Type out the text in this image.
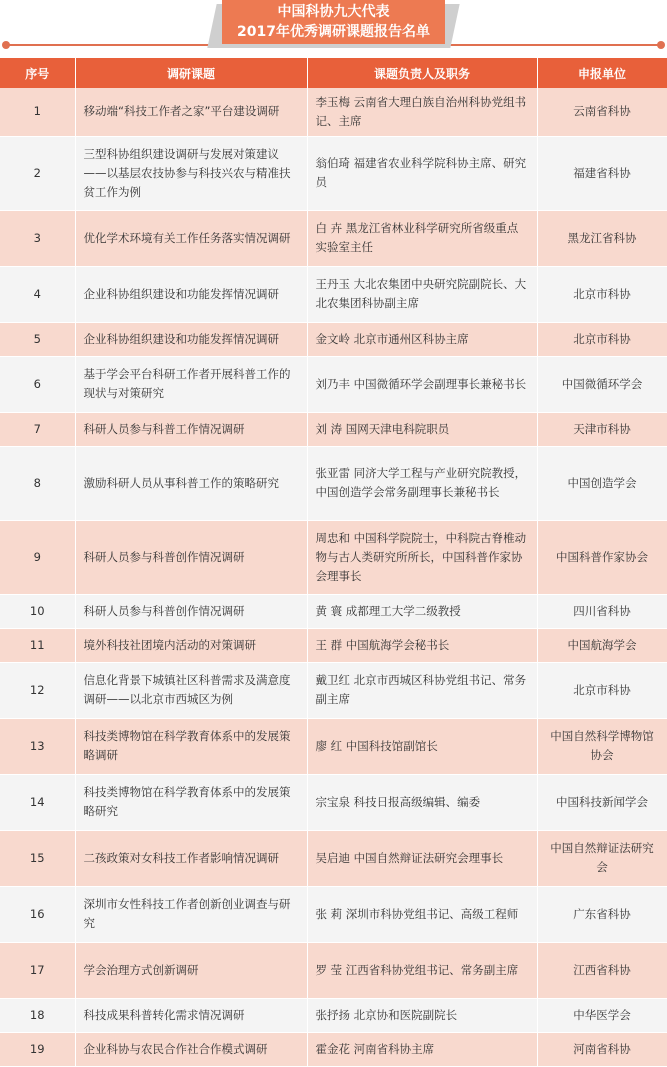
中国科协九大代表
2017年优秀调研课题报告名单
序号	调研课题	课题负责人及职务	申报单位
1	移动端“科技工作者之家”平台建设调研	李玉梅 云南省大理白族自治州科协党组书记、主席	云南省科协
2	三型科协组织建设调研与发展对策建议——以基层农技协参与科技兴农与精准扶贫工作为例	翁伯琦 福建省农业科学院科协主席、研究员	福建省科协
3	优化学术环境有关工作任务落实情况调研	白 卉 黑龙江省林业科学研究所省级重点实验室主任	黑龙江省科协
4	企业科协组织建设和功能发挥情况调研	王丹玉 大北农集团中央研究院副院长、大北农集团科协副主席	北京市科协
5	企业科协组织建设和功能发挥情况调研	金文岭 北京市通州区科协主席	北京市科协
6	基于学会平台科研工作者开展科普工作的现状与对策研究	刘乃丰 中国微循环学会副理事长兼秘书长	中国微循环学会
7	科研人员参与科普工作情况调研	刘 涛 国网天津电科院职员	天津市科协
8	激励科研人员从事科普工作的策略研究	张亚雷 同济大学工程与产业研究院教授，中国创造学会常务副理事长兼秘书长	中国创造学会
9	科研人员参与科普创作情况调研	周忠和 中国科学院院士，中科院古脊椎动物与古人类研究所所长，中国科普作家协会理事长	中国科普作家协会
10	科研人员参与科普创作情况调研	黄 寰 成都理工大学二级教授	四川省科协
11	境外科技社团境内活动的对策调研	王 群 中国航海学会秘书长	中国航海学会
12	信息化背景下城镇社区科普需求及满意度调研——以北京市西城区为例	戴卫红 北京市西城区科协党组书记、常务副主席	北京市科协
13	科技类博物馆在科学教育体系中的发展策略调研	廖 红 中国科技馆副馆长	中国自然科学博物馆协会
14	科技类博物馆在科学教育体系中的发展策略研究	宗宝泉 科技日报高级编辑、编委	中国科技新闻学会
15	二孩政策对女科技工作者影响情况调研	吴启迪 中国自然辩证法研究会理事长	中国自然辩证法研究会
16	深圳市女性科技工作者创新创业调查与研究	张 莉 深圳市科协党组书记、高级工程师	广东省科协
17	学会治理方式创新调研	罗 莹 江西省科协党组书记、常务副主席	江西省科协
18	科技成果科普转化需求情况调研	张抒扬 北京协和医院副院长	中华医学会
19	企业科协与农民合作社合作模式调研	霍金花 河南省科协主席	河南省科协
